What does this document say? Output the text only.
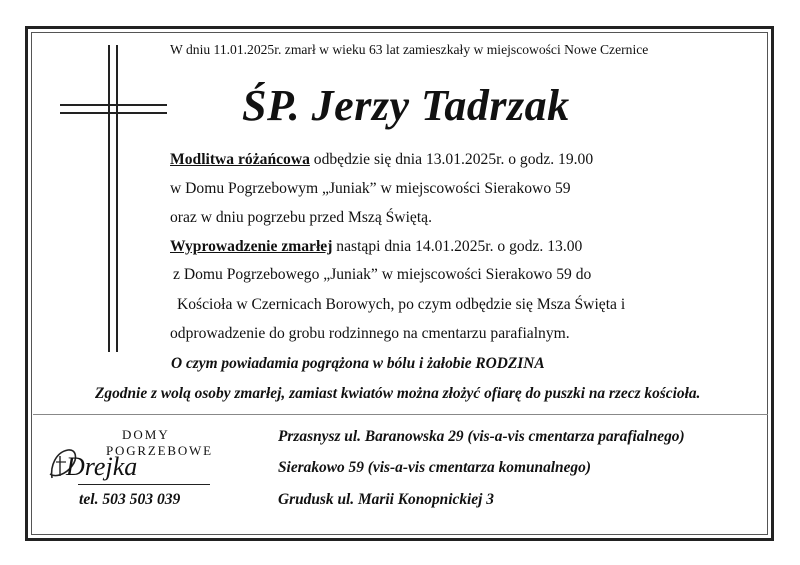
W dniu 11.01.2025r. zmarł w wieku 63 lat zamieszkały w miejscowości Nowe Czernice
ŚP. Jerzy Tadrzak
Modlitwa różańcowa odbędzie się dnia 13.01.2025r. o godz. 19.00
w Domu Pogrzebowym „Juniak” w miejscowości Sierakowo 59
oraz w dniu pogrzebu przed Mszą Świętą.
Wyprowadzenie zmarłej nastąpi dnia 14.01.2025r. o godz. 13.00
z Domu Pogrzebowego „Juniak” w miejscowości Sierakowo 59 do
Kościoła w Czernicach Borowych, po czym odbędzie się Msza Święta i
odprowadzenie do grobu rodzinnego na cmentarzu parafialnym.
O czym powiadamia pogrążona w bólu i żałobie RODZINA
Zgodnie z wolą osoby zmarłej, zamiast kwiatów można złożyć ofiarę do puszki na rzecz kościoła.
DOMY
POGRZEBOWE
Drejka
tel. 503 503 039
Przasnysz ul. Baranowska 29 (vis-a-vis cmentarza parafialnego)
Sierakowo 59 (vis-a-vis cmentarza komunalnego)
Grudusk ul. Marii Konopnickiej 3
